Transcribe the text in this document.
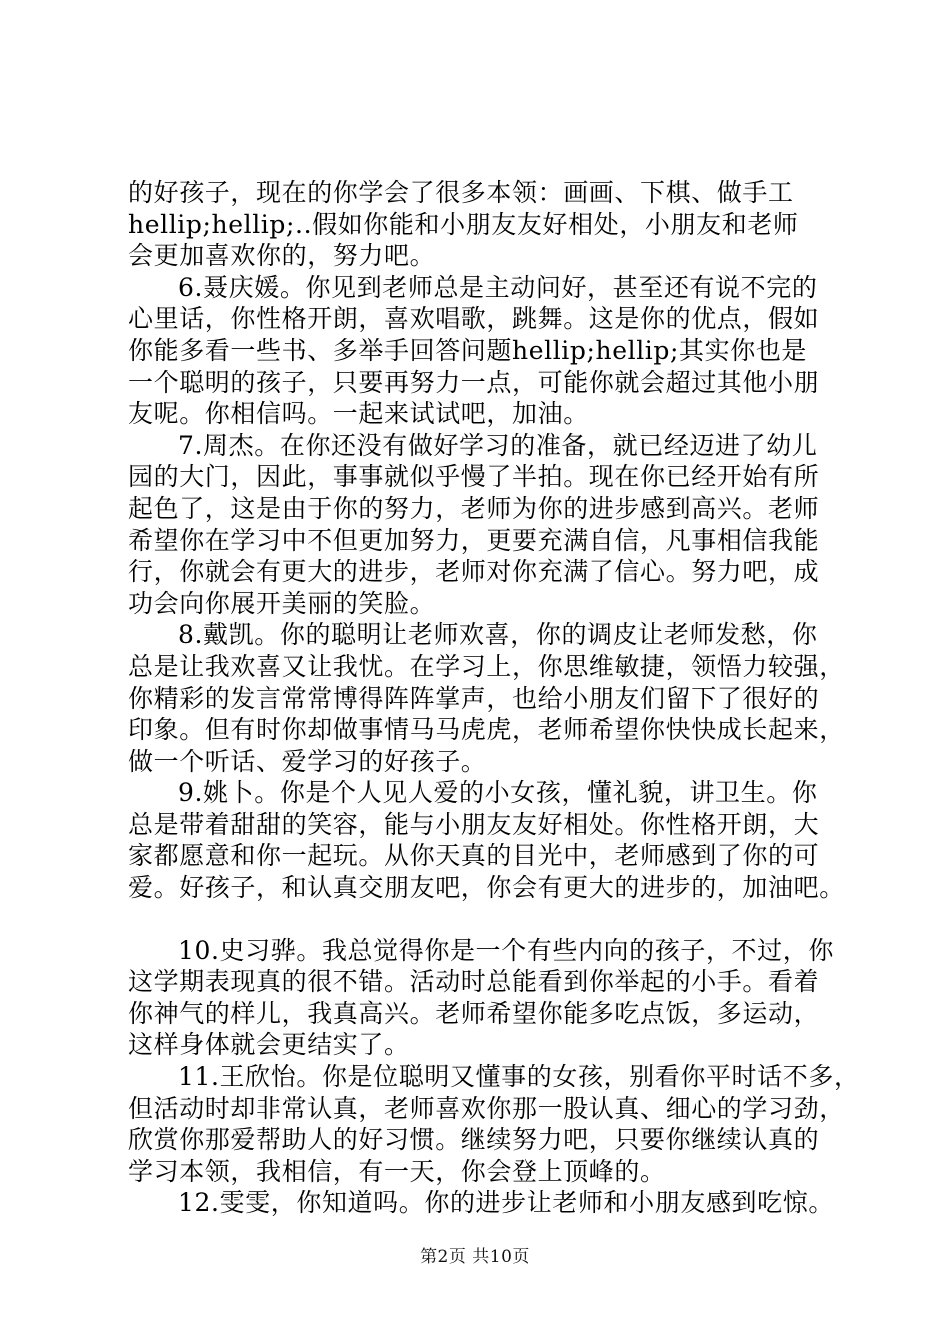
的好孩子，现在的你学会了很多本领：画画、下棋、做手工
hellip;hellip;..假如你能和小朋友友好相处，小朋友和老师
会更加喜欢你的，努力吧。
6.聂庆媛。你见到老师总是主动问好，甚至还有说不完的
心里话，你性格开朗，喜欢唱歌，跳舞。这是你的优点，假如
你能多看一些书、多举手回答问题hellip;hellip;其实你也是
一个聪明的孩子，只要再努力一点，可能你就会超过其他小朋
友呢。你相信吗。一起来试试吧，加油。
7.周杰。在你还没有做好学习的准备，就已经迈进了幼儿
园的大门，因此，事事就似乎慢了半拍。现在你已经开始有所
起色了，这是由于你的努力，老师为你的进步感到高兴。老师
希望你在学习中不但更加努力，更要充满自信，凡事相信我能
行，你就会有更大的进步，老师对你充满了信心。努力吧，成
功会向你展开美丽的笑脸。
8.戴凯。你的聪明让老师欢喜，你的调皮让老师发愁，你
总是让我欢喜又让我忧。在学习上，你思维敏捷，领悟力较强，
你精彩的发言常常博得阵阵掌声，也给小朋友们留下了很好的
印象。但有时你却做事情马马虎虎，老师希望你快快成长起来，
做一个听话、爱学习的好孩子。
9.姚卜。你是个人见人爱的小女孩，懂礼貌，讲卫生。你
总是带着甜甜的笑容，能与小朋友友好相处。你性格开朗，大
家都愿意和你一起玩。从你天真的目光中，老师感到了你的可
爱。好孩子，和认真交朋友吧，你会有更大的进步的，加油吧。
10.史习骅。我总觉得你是一个有些内向的孩子，不过，你
这学期表现真的很不错。活动时总能看到你举起的小手。看着
你神气的样儿，我真高兴。老师希望你能多吃点饭，多运动，
这样身体就会更结实了。
11.王欣怡。你是位聪明又懂事的女孩，别看你平时话不多，
但活动时却非常认真，老师喜欢你那一股认真、细心的学习劲，
欣赏你那爱帮助人的好习惯。继续努力吧，只要你继续认真的
学习本领，我相信，有一天，你会登上顶峰的。
12.雯雯，你知道吗。你的进步让老师和小朋友感到吃惊。
第2页 共10页
